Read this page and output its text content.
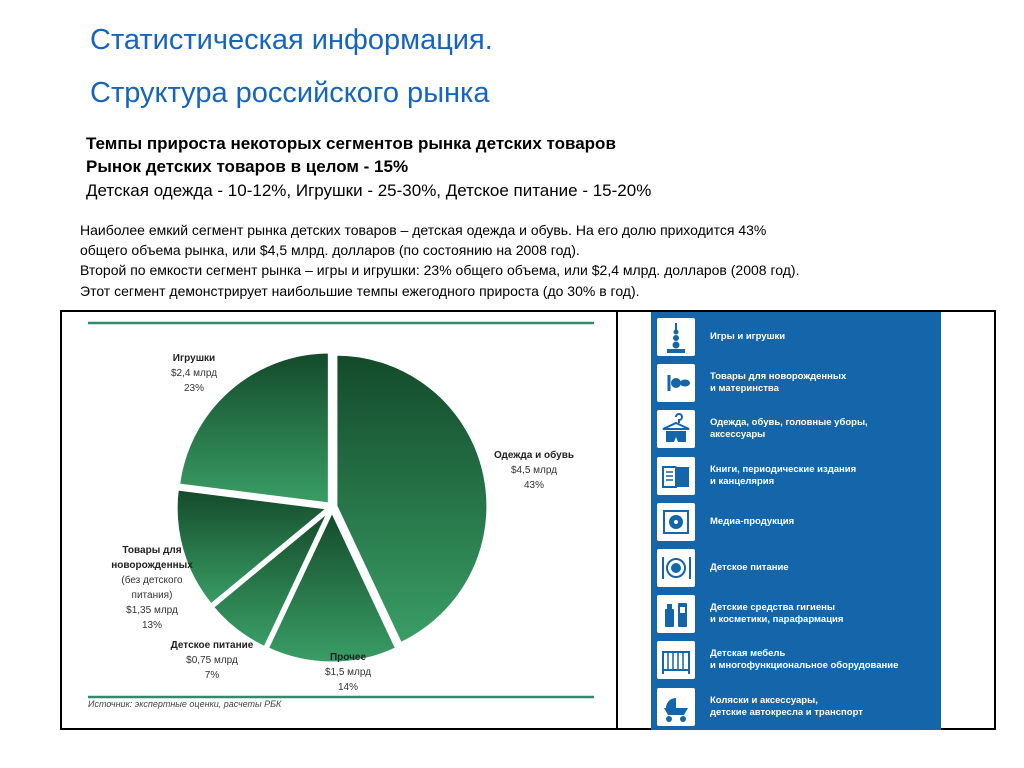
Статистическая информация.
Структура российского рынка
Темпы прироста некоторых сегментов рынка детских товаров
Рынок детских товаров в целом - 15%
Детская одежда - 10-12%, Игрушки - 25-30%, Детское питание - 15-20%
Наиболее емкий сегмент рынка детских товаров – детская одежда и обувь. На его долю приходится 43%
общего объема рынка, или $4,5 млрд. долларов (по состоянию на 2008 год).
Второй по емкости сегмент рынка – игры и игрушки: 23% общего объема, или $2,4 млрд. долларов (2008 год).
Этот сегмент демонстрирует наибольшие темпы ежегодного прироста (до 30% в год).
Одежда и обувь $4,5 млрд 43%
Прочее $1,5 млрд 14%
Детское питание $0,75 млрд 7%
Товары для новорожденных (без детского питания) $1,35 млрд 13%
Игрушки $2,4 млрд 23%
Источник: экспертные оценки, расчеты РБК
Игры и игрушки
Товары для новорожденных
и материнства
Одежда, обувь, головные уборы,
аксессуары
Книги, периодические издания
и канцелярия
Медиа-продукция
Детское питание
Детские средства гигиены
и косметики, парафармация
Детская мебель
и многофункциональное оборудование
Коляски и аксессуары,
детские автокресла и транспорт
